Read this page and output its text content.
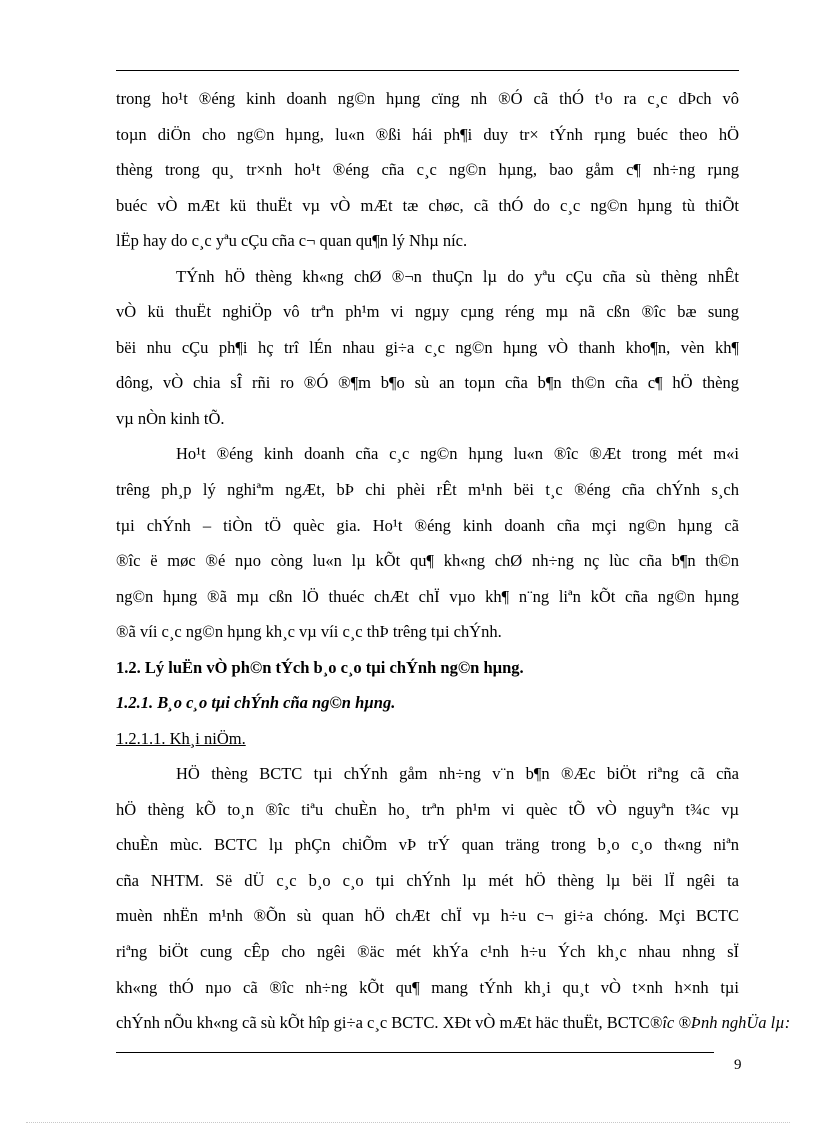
trong ho¹t ®éng kinh doanh ng©n hµng cïng nh ®Ó cã thÓ t¹o ra c¸c dÞch vô
toµn diÖn cho ng©n hµng, lu«n ®ßi hái ph¶i duy tr× tÝnh rµng buéc theo hÖ
thèng trong qu¸ tr×nh ho¹t ®éng cña c¸c ng©n hµng, bao gåm c¶ nh÷ng rµng
buéc vÒ mÆt kü thuËt vµ vÒ mÆt tæ chøc, cã thÓ do c¸c ng©n hµng tù thiÕt
lËp hay do c¸c yªu cÇu cña c¬ quan qu¶n lý Nhµ níc.
TÝnh hÖ thèng kh«ng chØ ®¬n thuÇn lµ do yªu cÇu cña sù thèng nhÊt
vÒ kü thuËt nghiÖp vô trªn ph¹m vi ngµy cµng réng mµ nã cßn ®îc bæ sung
bëi nhu cÇu ph¶i hç trî lÉn nhau gi÷a c¸c ng©n hµng vÒ thanh kho¶n, vèn kh¶
dông, vÒ chia sÎ rñi ro ®Ó ®¶m b¶o sù an toµn cña b¶n th©n cña c¶ hÖ thèng
vµ nÒn kinh tÕ.
Ho¹t ®éng kinh doanh cña c¸c ng©n hµng lu«n ®îc ®Æt trong mét m«i
trêng ph¸p lý nghiªm ngÆt, bÞ chi phèi rÊt m¹nh bëi t¸c ®éng cña chÝnh s¸ch
tµi chÝnh – tiÒn tÖ quèc gia. Ho¹t ®éng kinh doanh cña mçi ng©n hµng cã
®îc ë møc ®é nµo còng lu«n lµ kÕt qu¶ kh«ng chØ nh÷ng nç lùc cña b¶n th©n
ng©n hµng ®ã mµ cßn lÖ thuéc chÆt chÏ vµo kh¶ n¨ng liªn kÕt cña ng©n hµng
®ã víi c¸c ng©n hµng kh¸c vµ víi c¸c thÞ trêng tµi chÝnh.
1.2. Lý luËn vÒ ph©n tÝch b¸o c¸o tµi chÝnh ng©n hµng.
1.2.1. B¸o c¸o tµi chÝnh cña ng©n hµng.
1.2.1.1. Kh¸i niÖm.
HÖ thèng BCTC tµi chÝnh gåm nh÷ng v¨n b¶n ®Æc biÖt riªng cã cña
hÖ thèng kÕ to¸n ®îc tiªu chuÈn ho¸ trªn ph¹m vi quèc tÕ vÒ nguyªn t¾c vµ
chuÈn mùc. BCTC lµ phÇn chiÕm vÞ trÝ quan träng trong b¸o c¸o th«ng niªn
cña NHTM. Së dÜ c¸c b¸o c¸o tµi chÝnh lµ mét hÖ thèng lµ bëi lÏ ngêi ta
muèn nhËn m¹nh ®Õn sù quan hÖ chÆt chÏ vµ h÷u c¬ gi÷a chóng. Mçi BCTC
riªng biÖt cung cÊp cho ngêi ®äc mét khÝa c¹nh h÷u Ých kh¸c nhau nhng sÏ
kh«ng thÓ nµo cã ®îc nh÷ng kÕt qu¶ mang tÝnh kh¸i qu¸t vÒ t×nh h×nh tµi
chÝnh nÕu kh«ng cã sù kÕt hîp gi÷a c¸c BCTC. XÐt vÒ mÆt häc thuËt, BCTC®îc ®Þnh nghÜa lµ:
9
